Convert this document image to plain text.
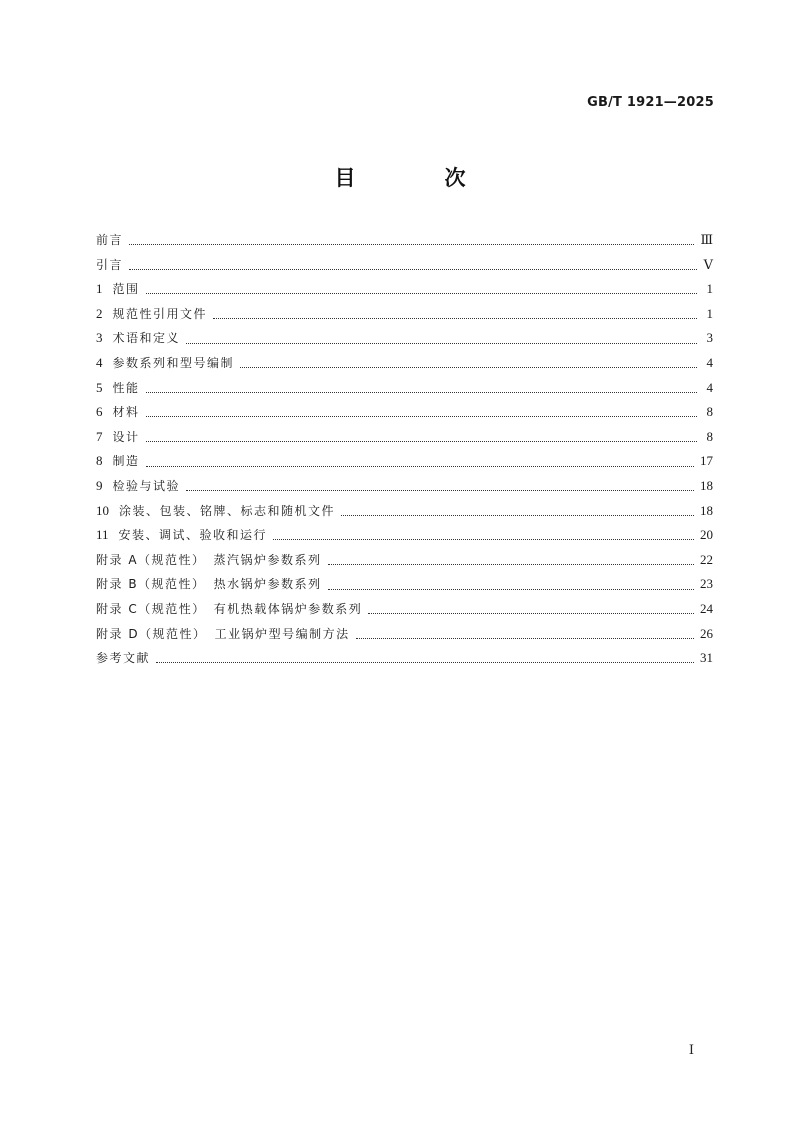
GB/T 1921—2025
目　次
前言	Ⅲ
引言	Ⅴ
1 范围	1
2 规范性引用文件	1
3 术语和定义	3
4 参数系列和型号编制	4
5 性能	4
6 材料	8
7 设计	8
8 制造	17
9 检验与试验	18
10 涂装、包装、铭牌、标志和随机文件	18
11 安装、调试、验收和运行	20
附录 A（规范性） 蒸汽锅炉参数系列	22
附录 B（规范性） 热水锅炉参数系列	23
附录 C（规范性） 有机热载体锅炉参数系列	24
附录 D（规范性） 工业锅炉型号编制方法	26
参考文献	31
Ⅰ
